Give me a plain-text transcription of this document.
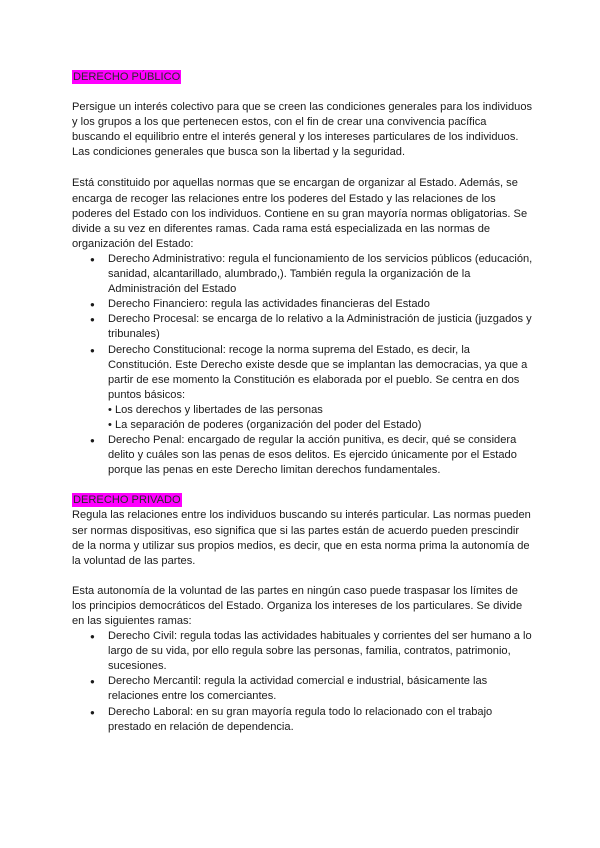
DERECHO PÚBLICO

Persigue un interés colectivo para que se creen las condiciones generales para los individuos y los grupos a los que pertenecen estos, con el fin de crear una convivencia pacífica buscando el equilibrio entre el interés general y los intereses particulares de los individuos. Las condiciones generales que busca son la libertad y la seguridad.

Está constituido por aquellas normas que se encargan de organizar al Estado. Además, se encarga de recoger las relaciones entre los poderes del Estado y las relaciones de los poderes del Estado con los individuos. Contiene en su gran mayoría normas obligatorias. Se divide a su vez en diferentes ramas. Cada rama está especializada en las normas de organización del Estado:

● Derecho Administrativo: regula el funcionamiento de los servicios públicos (educación, sanidad, alcantarillado, alumbrado,). También regula la organización de la Administración del Estado
● Derecho Financiero: regula las actividades financieras del Estado
● Derecho Procesal: se encarga de lo relativo a la Administración de justicia (juzgados y tribunales)
● Derecho Constitucional: recoge la norma suprema del Estado, es decir, la Constitución. Este Derecho existe desde que se implantan las democracias, ya que a partir de ese momento la Constitución es elaborada por el pueblo. Se centra en dos puntos básicos:
• Los derechos y libertades de las personas
• La separación de poderes (organización del poder del Estado)
● Derecho Penal: encargado de regular la acción punitiva, es decir, qué se considera delito y cuáles son las penas de esos delitos. Es ejercido únicamente por el Estado porque las penas en este Derecho limitan derechos fundamentales.
DERECHO PRIVADO

Regula las relaciones entre los individuos buscando su interés particular. Las normas pueden ser normas dispositivas, eso significa que si las partes están de acuerdo pueden prescindir de la norma y utilizar sus propios medios, es decir, que en esta norma prima la autonomía de la voluntad de las partes.

Esta autonomía de la voluntad de las partes en ningún caso puede traspasar los límites de los principios democráticos del Estado. Organiza los intereses de los particulares. Se divide en las siguientes ramas:

● Derecho Civil: regula todas las actividades habituales y corrientes del ser humano a lo largo de su vida, por ello regula sobre las personas, familia, contratos, patrimonio, sucesiones.
● Derecho Mercantil: regula la actividad comercial e industrial, básicamente las relaciones entre los comerciantes.
● Derecho Laboral: en su gran mayoría regula todo lo relacionado con el trabajo prestado en relación de dependencia.
